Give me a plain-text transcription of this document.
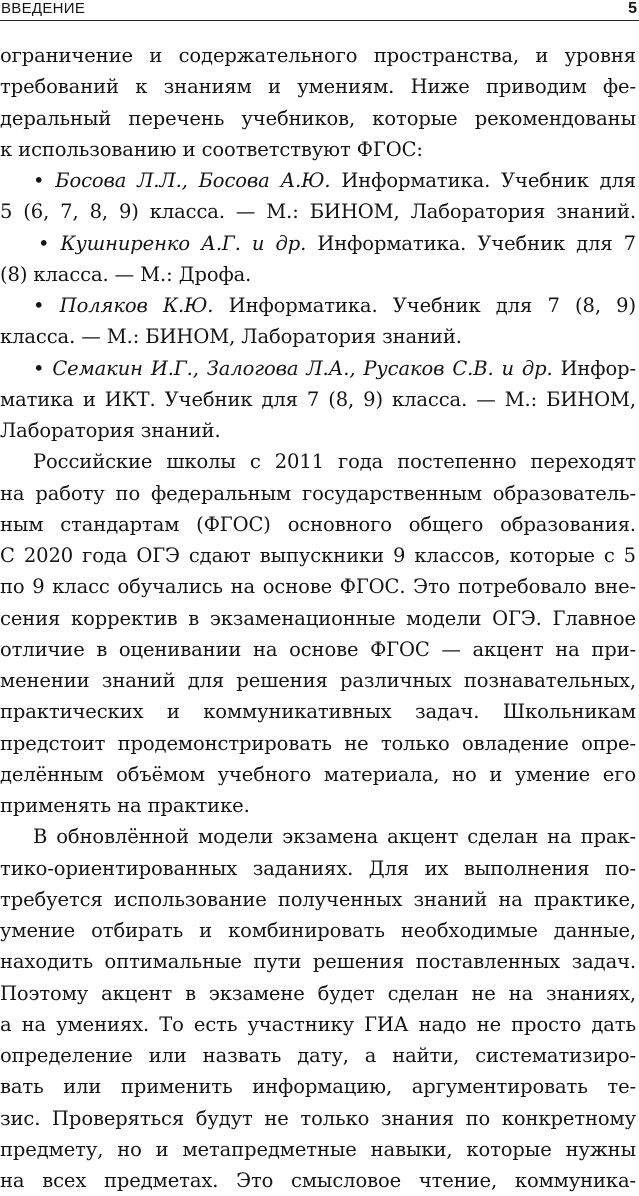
ВВЕДЕНИЕ	5
ограничение и содержательного пространства, и уровня
требований к знаниям и умениям. Ниже приводим фе-
деральный перечень учебников, которые рекомендованы
к использованию и соответствуют ФГОС:
• Босова Л.Л., Босова А.Ю. Информатика. Учебник для
5 (6, 7, 8, 9) класса. — М.: БИНОМ, Лаборатория знаний.
• Кушниренко А.Г. и др. Информатика. Учебник для 7
(8) класса. — М.: Дрофа.
• Поляков К.Ю. Информатика. Учебник для 7 (8, 9)
класса. — М.: БИНОМ, Лаборатория знаний.
• Семакин И.Г., Залогова Л.А., Русаков С.В. и др. Инфор-
матика и ИКТ. Учебник для 7 (8, 9) класса. — М.: БИНОМ,
Лаборатория знаний.
Российские школы с 2011 года постепенно переходят
на работу по федеральным государственным образователь-
ным стандартам (ФГОС) основного общего образования.
С 2020 года ОГЭ сдают выпускники 9 классов, которые с 5
по 9 класс обучались на основе ФГОС. Это потребовало вне-
сения корректив в экзаменационные модели ОГЭ. Главное
отличие в оценивании на основе ФГОС — акцент на при-
менении знаний для решения различных познавательных,
практических и коммуникативных задач. Школьникам
предстоит продемонстрировать не только овладение опре-
делённым объёмом учебного материала, но и умение его
применять на практике.
В обновлённой модели экзамена акцент сделан на прак-
тико-ориентированных заданиях. Для их выполнения по-
требуется использование полученных знаний на практике,
умение отбирать и комбинировать необходимые данные,
находить оптимальные пути решения поставленных задач.
Поэтому акцент в экзамене будет сделан не на знаниях,
а на умениях. То есть участнику ГИА надо не просто дать
определение или назвать дату, а найти, систематизиро-
вать или применить информацию, аргументировать те-
зис. Проверяться будут не только знания по конкретному
предмету, но и метапредметные навыки, которые нужны
на всех предметах. Это смысловое чтение, коммуника-
